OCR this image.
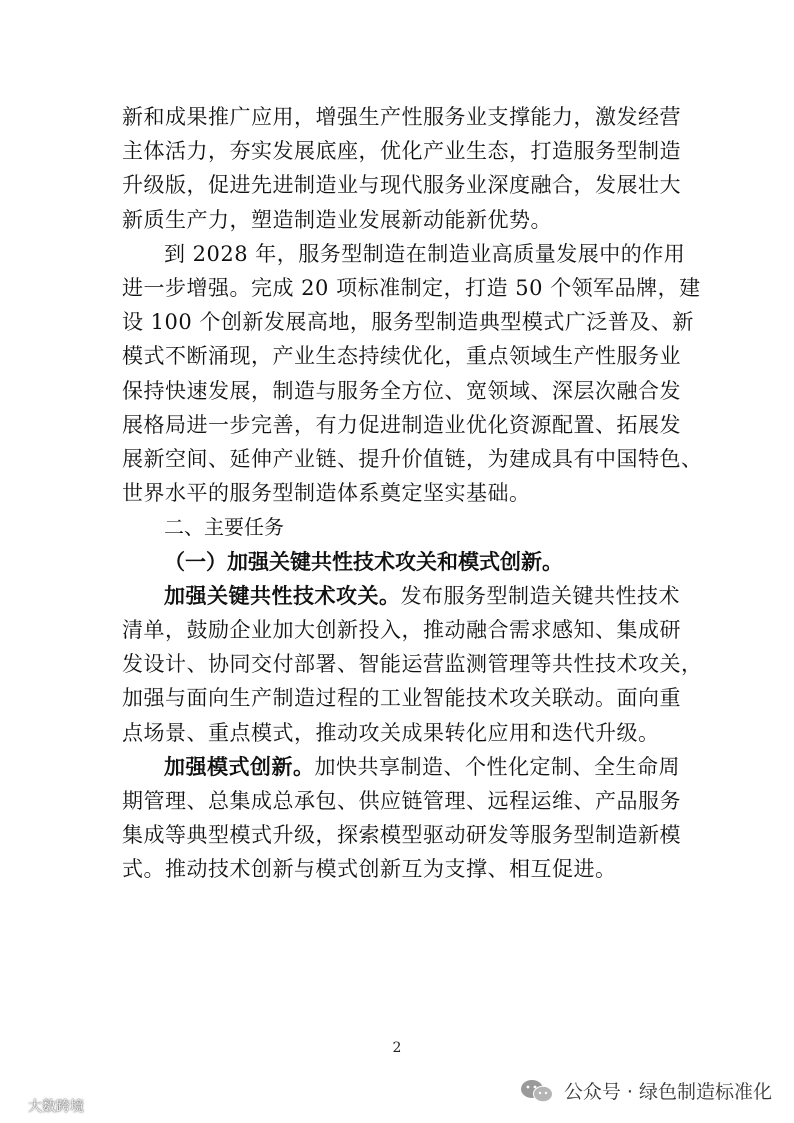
新和成果推广应用，增强生产性服务业支撑能力，激发经营
主体活力，夯实发展底座，优化产业生态，打造服务型制造
升级版，促进先进制造业与现代服务业深度融合，发展壮大
新质生产力，塑造制造业发展新动能新优势。
到 2028 年，服务型制造在制造业高质量发展中的作用
进一步增强。完成 20 项标准制定，打造 50 个领军品牌，建
设 100 个创新发展高地，服务型制造典型模式广泛普及、新
模式不断涌现，产业生态持续优化，重点领域生产性服务业
保持快速发展，制造与服务全方位、宽领域、深层次融合发
展格局进一步完善，有力促进制造业优化资源配置、拓展发
展新空间、延伸产业链、提升价值链，为建成具有中国特色、
世界水平的服务型制造体系奠定坚实基础。
二、主要任务
（一）加强关键共性技术攻关和模式创新。
加强关键共性技术攻关。发布服务型制造关键共性技术
清单，鼓励企业加大创新投入，推动融合需求感知、集成研
发设计、协同交付部署、智能运营监测管理等共性技术攻关，
加强与面向生产制造过程的工业智能技术攻关联动。面向重
点场景、重点模式，推动攻关成果转化应用和迭代升级。
加强模式创新。加快共享制造、个性化定制、全生命周
期管理、总集成总承包、供应链管理、远程运维、产品服务
集成等典型模式升级，探索模型驱动研发等服务型制造新模
式。推动技术创新与模式创新互为支撑、相互促进。
2
公众号 · 绿色制造标准化
大数跨境
